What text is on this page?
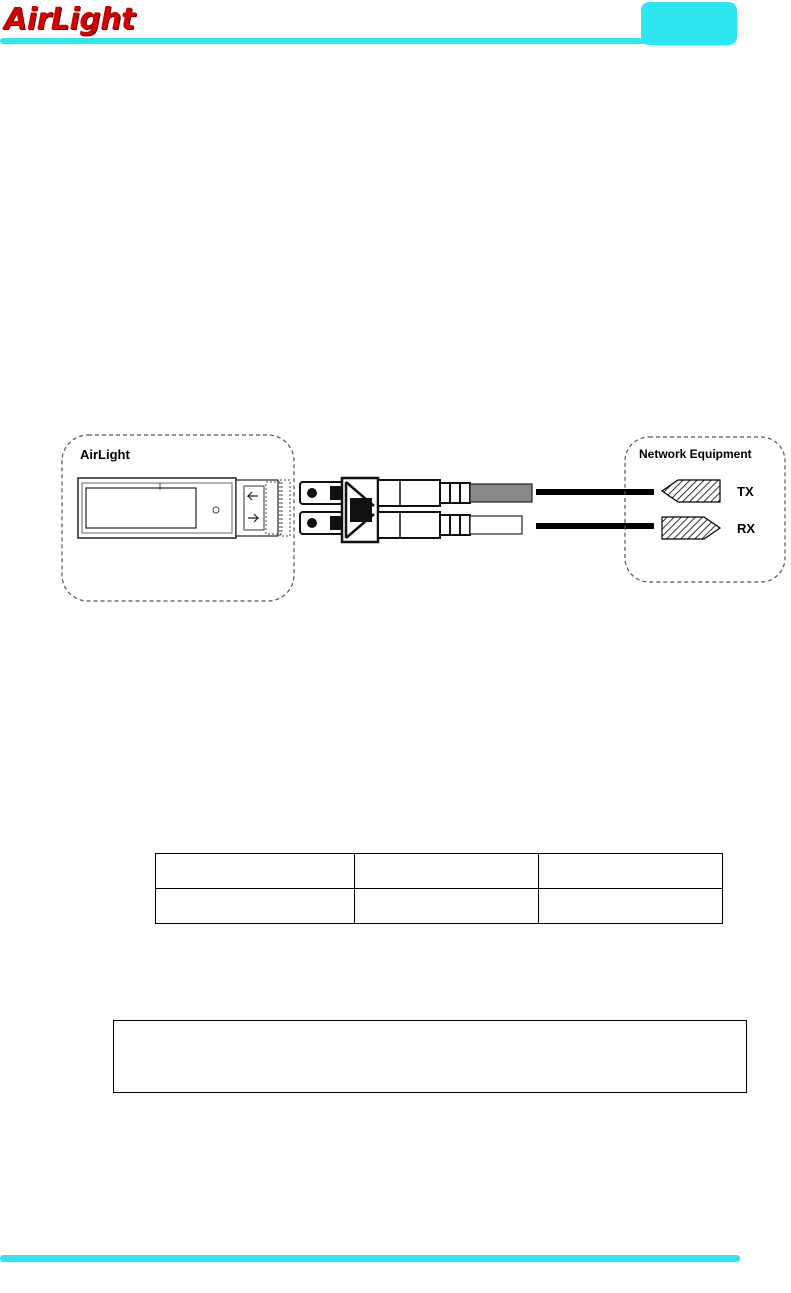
AirLight
AirLight	Network Equipment
TX
RX
